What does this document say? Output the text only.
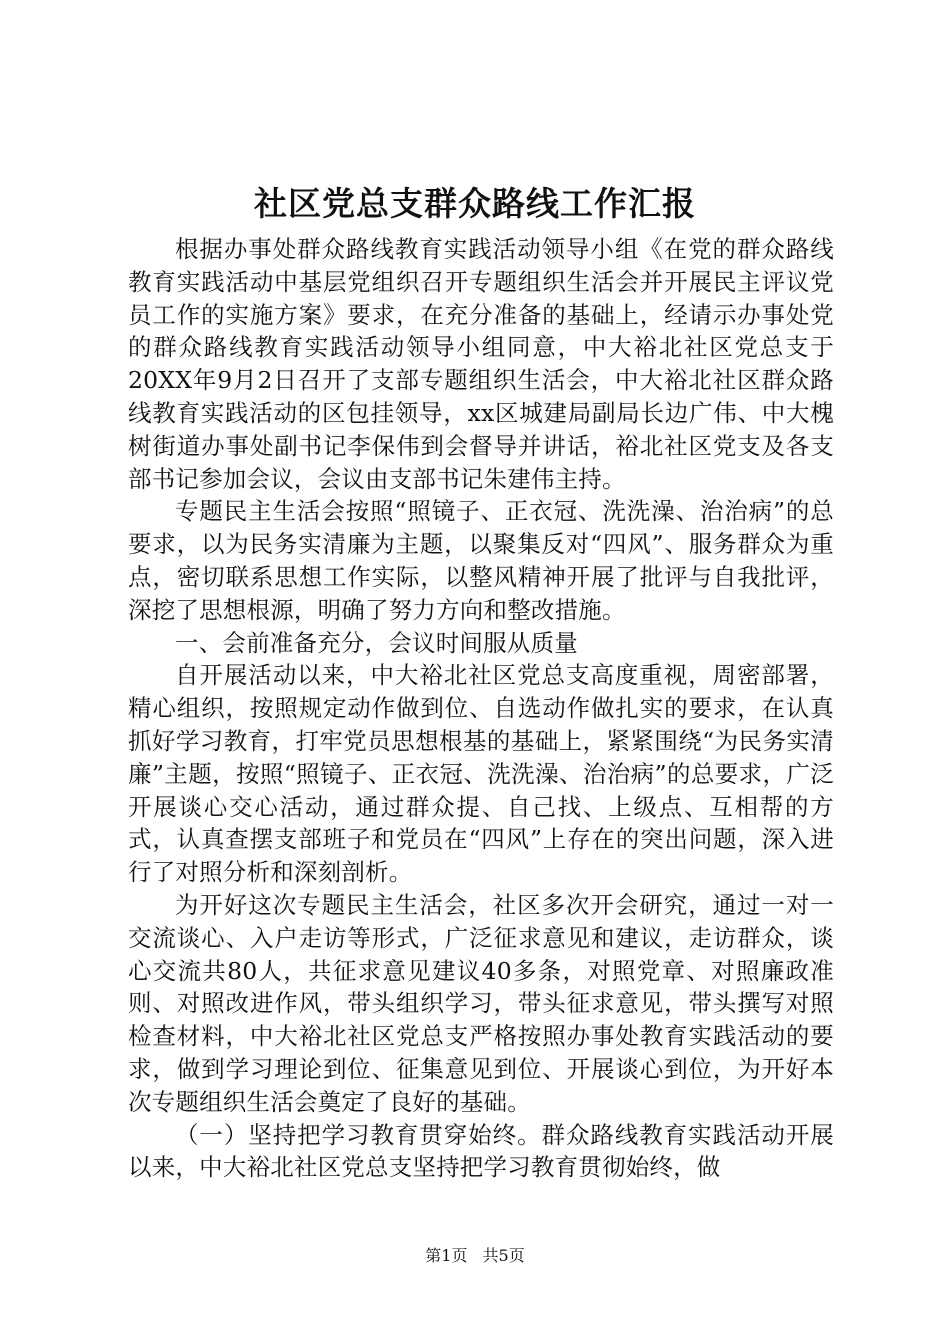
社区党总支群众路线工作汇报

根据办事处群众路线教育实践活动领导小组《在党的群众路线教育实践活动中基层党组织召开专题组织生活会并开展民主评议党员工作的实施方案》要求，在充分准备的基础上，经请示办事处党的群众路线教育实践活动领导小组同意，中大裕北社区党总支于20XX年9月2日召开了支部专题组织生活会，中大裕北社区群众路线教育实践活动的区包挂领导，xx区城建局副局长边广伟、中大槐树街道办事处副书记李保伟到会督导并讲话，裕北社区党支及各支部书记参加会议，会议由支部书记朱建伟主持。

专题民主生活会按照“照镜子、正衣冠、洗洗澡、治治病”的总要求，以为民务实清廉为主题，以聚集反对“四风”、服务群众为重点，密切联系思想工作实际，以整风精神开展了批评与自我批评，深挖了思想根源，明确了努力方向和整改措施。

一、会前准备充分，会议时间服从质量

自开展活动以来，中大裕北社区党总支高度重视，周密部署，精心组织，按照规定动作做到位、自选动作做扎实的要求，在认真抓好学习教育，打牢党员思想根基的基础上，紧紧围绕“为民务实清廉”主题，按照“照镜子、正衣冠、洗洗澡、治治病”的总要求，广泛开展谈心交心活动，通过群众提、自己找、上级点、互相帮的方式，认真查摆支部班子和党员在“四风”上存在的突出问题，深入进行了对照分析和深刻剖析。

为开好这次专题民主生活会，社区多次开会研究，通过一对一交流谈心、入户走访等形式，广泛征求意见和建议，走访群众，谈心交流共80人，共征求意见建议40多条，对照党章、对照廉政准则、对照改进作风，带头组织学习，带头征求意见，带头撰写对照检查材料，中大裕北社区党总支严格按照办事处教育实践活动的要求，做到学习理论到位、征集意见到位、开展谈心到位，为开好本次专题组织生活会奠定了良好的基础。

（一）坚持把学习教育贯穿始终。群众路线教育实践活动开展以来，中大裕北社区党总支坚持把学习教育贯彻始终，做

第1页 共5页
